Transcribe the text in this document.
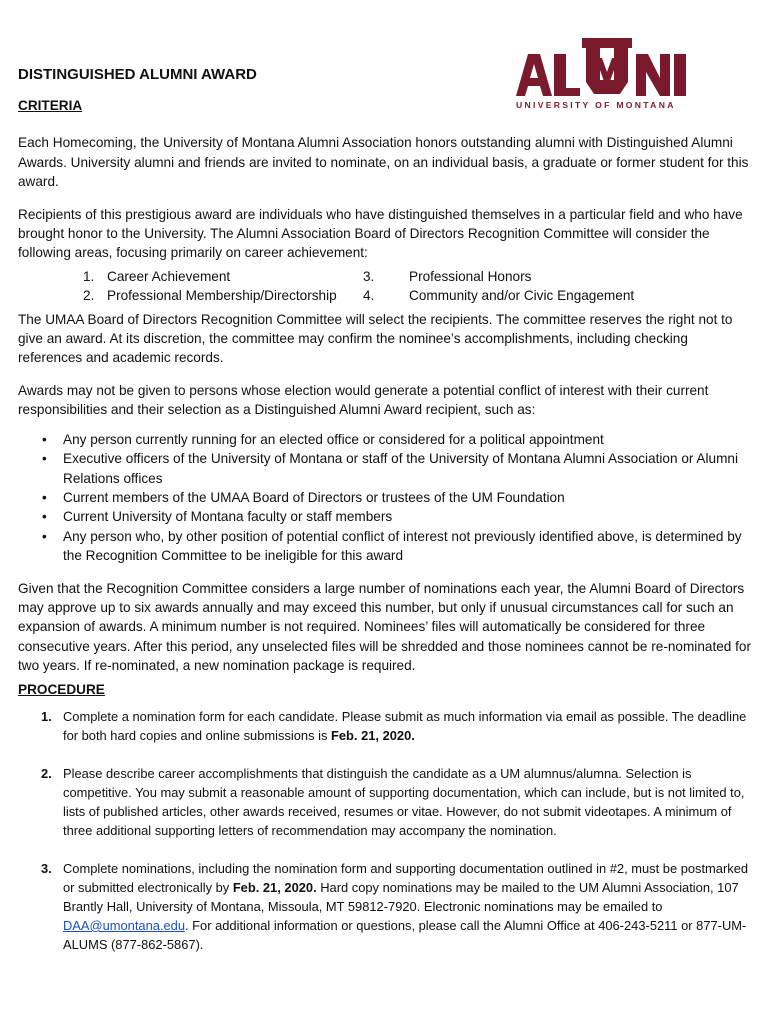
UNIVERSITY OF MONTANA
DISTINGUISHED ALUMNI AWARD
CRITERIA

Each Homecoming, the University of Montana Alumni Association honors outstanding alumni with Distinguished Alumni Awards. University alumni and friends are invited to nominate, on an individual basis, a graduate or former student for this award.

Recipients of this prestigious award are individuals who have distinguished themselves in a particular field and who have brought honor to the University. The Alumni Association Board of Directors Recognition Committee will consider the following areas, focusing primarily on career achievement:

1. Career Achievement	3.	Professional Honors
2. Professional Membership/Directorship	4.	Community and/or Civic Engagement

The UMAA Board of Directors Recognition Committee will select the recipients. The committee reserves the right not to give an award. At its discretion, the committee may confirm the nominee’s accomplishments, including checking references and academic records.

Awards may not be given to persons whose election would generate a potential conflict of interest with their current responsibilities and their selection as a Distinguished Alumni Award recipient, such as:

• Any person currently running for an elected office or considered for a political appointment
• Executive officers of the University of Montana or staff of the University of Montana Alumni Association or Alumni Relations offices
• Current members of the UMAA Board of Directors or trustees of the UM Foundation
• Current University of Montana faculty or staff members
• Any person who, by other position of potential conflict of interest not previously identified above, is determined by the Recognition Committee to be ineligible for this award

Given that the Recognition Committee considers a large number of nominations each year, the Alumni Board of Directors may approve up to six awards annually and may exceed this number, but only if unusual circumstances call for such an expansion of awards. A minimum number is not required. Nominees’ files will automatically be considered for three consecutive years. After this period, any unselected files will be shredded and those nominees cannot be re-nominated for two years. If re-nominated, a new nomination package is required.

PROCEDURE
1. Complete a nomination form for each candidate. Please submit as much information via email as possible. The deadline for both hard copies and online submissions is Feb. 21, 2020.
2. Please describe career accomplishments that distinguish the candidate as a UM alumnus/alumna. Selection is competitive. You may submit a reasonable amount of supporting documentation, which can include, but is not limited to, lists of published articles, other awards received, resumes or vitae. However, do not submit videotapes. A minimum of three additional supporting letters of recommendation may accompany the nomination.
3. Complete nominations, including the nomination form and supporting documentation outlined in #2, must be postmarked or submitted electronically by Feb. 21, 2020. Hard copy nominations may be mailed to the UM Alumni Association, 107 Brantly Hall, University of Montana, Missoula, MT 59812-7920. Electronic nominations may be emailed to DAA@umontana.edu. For additional information or questions, please call the Alumni Office at 406-243-5211 or 877-UM-ALUMS (877-862-5867).
